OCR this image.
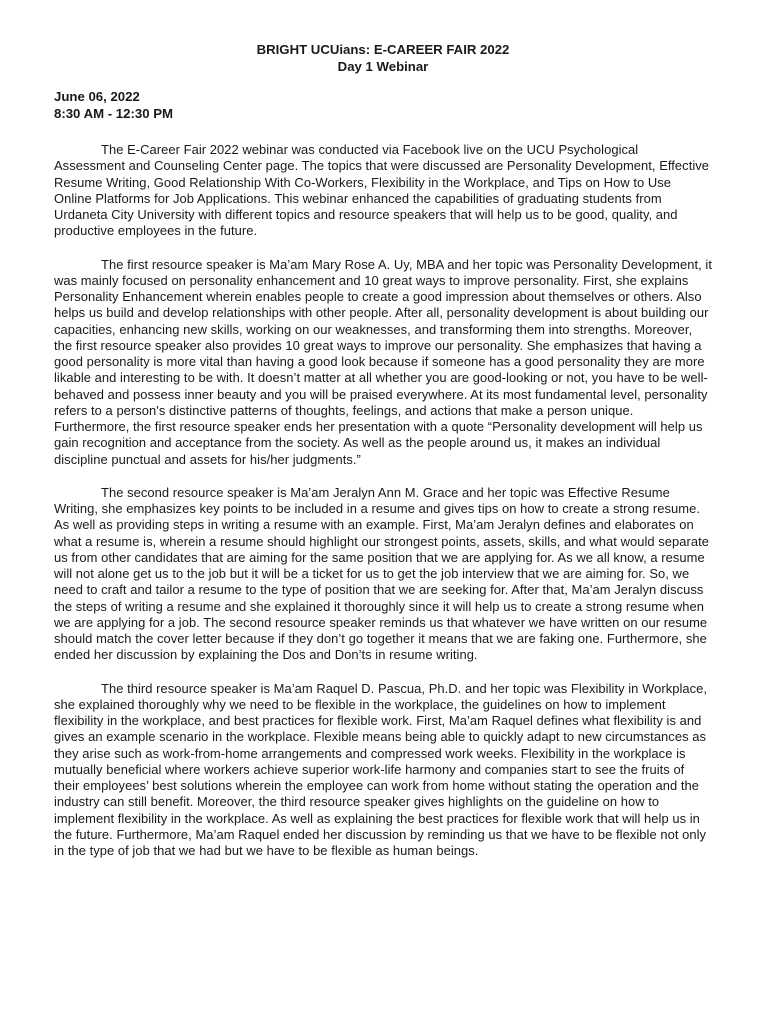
BRIGHT UCUians: E-CAREER FAIR 2022

Day 1 Webinar

June 06, 2022

8:30 AM - 12:30 PM

The E-Career Fair 2022 webinar was conducted via Facebook live on the UCU Psychological Assessment and Counseling Center page. The topics that were discussed are Personality Development, Effective Resume Writing, Good Relationship With Co-Workers, Flexibility in the Workplace, and Tips on How to Use Online Platforms for Job Applications. This webinar enhanced the capabilities of graduating students from Urdaneta City University with different topics and resource speakers that will help us to be good, quality, and productive employees in the future.

The first resource speaker is Ma’am Mary Rose A. Uy, MBA and her topic was Personality Development, it was mainly focused on personality enhancement and 10 great ways to improve personality. First, she explains Personality Enhancement wherein enables people to create a good impression about themselves or others. Also helps us build and develop relationships with other people. After all, personality development is about building our capacities, enhancing new skills, working on our weaknesses, and transforming them into strengths. Moreover, the first resource speaker also provides 10 great ways to improve our personality. She emphasizes that having a good personality is more vital than having a good look because if someone has a good personality they are more likable and interesting to be with. It doesn’t matter at all whether you are good-looking or not, you have to be well-behaved and possess inner beauty and you will be praised everywhere. At its most fundamental level, personality refers to a person's distinctive patterns of thoughts, feelings, and actions that make a person unique. Furthermore, the first resource speaker ends her presentation with a quote “Personality development will help us gain recognition and acceptance from the society. As well as the people around us, it makes an individual discipline punctual and assets for his/her judgments.”

The second resource speaker is Ma’am Jeralyn Ann M. Grace and her topic was Effective Resume Writing, she emphasizes key points to be included in a resume and gives tips on how to create a strong resume. As well as providing steps in writing a resume with an example. First, Ma’am Jeralyn defines and elaborates on what a resume is, wherein a resume should highlight our strongest points, assets, skills, and what would separate us from other candidates that are aiming for the same position that we are applying for. As we all know, a resume will not alone get us to the job but it will be a ticket for us to get the job interview that we are aiming for. So, we need to craft and tailor a resume to the type of position that we are seeking for. After that, Ma’am Jeralyn discuss the steps of writing a resume and she explained it thoroughly since it will help us to create a strong resume when we are applying for a job. The second resource speaker reminds us that whatever we have written on our resume should match the cover letter because if they don’t go together it means that we are faking one. Furthermore, she ended her discussion by explaining the Dos and Don’ts in resume writing.

The third resource speaker is Ma’am Raquel D. Pascua, Ph.D. and her topic was Flexibility in Workplace, she explained thoroughly why we need to be flexible in the workplace, the guidelines on how to implement flexibility in the workplace, and best practices for flexible work. First, Ma’am Raquel defines what flexibility is and gives an example scenario in the workplace. Flexible means being able to quickly adapt to new circumstances as they arise such as work-from-home arrangements and compressed work weeks. Flexibility in the workplace is mutually beneficial where workers achieve superior work-life harmony and companies start to see the fruits of their employees’ best solutions wherein the employee can work from home without stating the operation and the industry can still benefit. Moreover, the third resource speaker gives highlights on the guideline on how to implement flexibility in the workplace. As well as explaining the best practices for flexible work that will help us in the future. Furthermore, Ma’am Raquel ended her discussion by reminding us that we have to be flexible not only in the type of job that we had but we have to be flexible as human beings.
